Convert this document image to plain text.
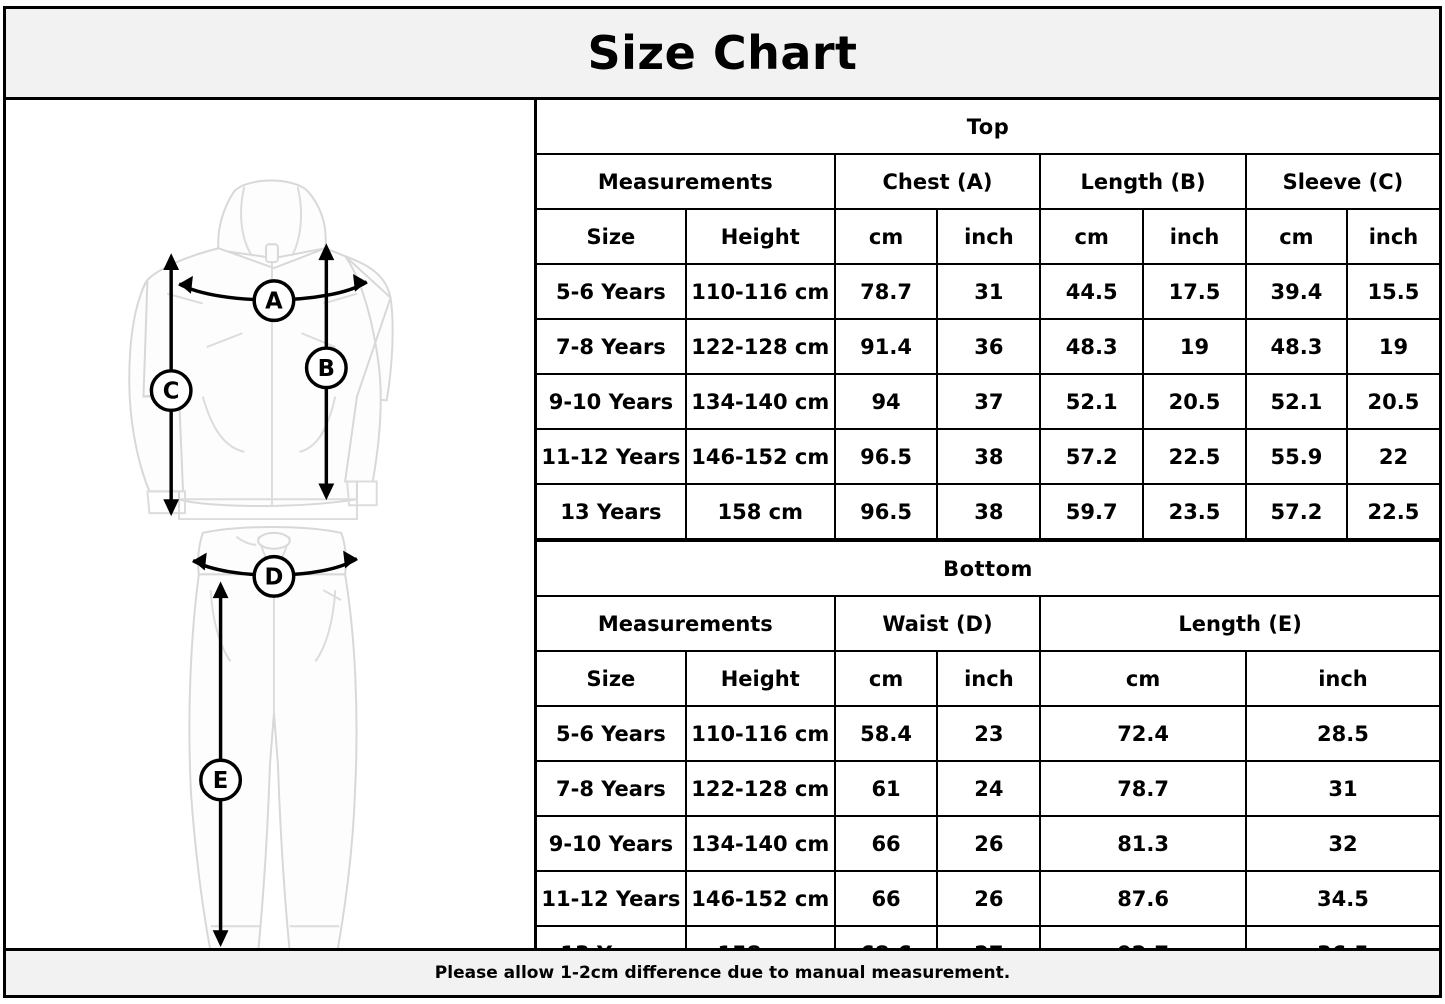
Size Chart
A
B
C
D
E
Top							
Measurements		Chest (A)		Length (B)		Sleeve (C)	
Size	Height	cm	inch	cm	inch	cm	inch
5-6 Years	110-116 cm	78.7	31	44.5	17.5	39.4	15.5
7-8 Years	122-128 cm	91.4	36	48.3	19	48.3	19
9-10 Years	134-140 cm	94	37	52.1	20.5	52.1	20.5
11-12 Years	146-152 cm	96.5	38	57.2	22.5	55.9	22
13 Years	158 cm	96.5	38	59.7	23.5	57.2	22.5
Bottom					
Measurements		Waist (D)		Length (E)	
Size	Height	cm	inch	cm	inch
5-6 Years	110-116 cm	58.4	23	72.4	28.5
7-8 Years	122-128 cm	61	24	78.7	31
9-10 Years	134-140 cm	66	26	81.3	32
11-12 Years	146-152 cm	66	26	87.6	34.5

Please allow 1-2cm difference due to manual measurement.
